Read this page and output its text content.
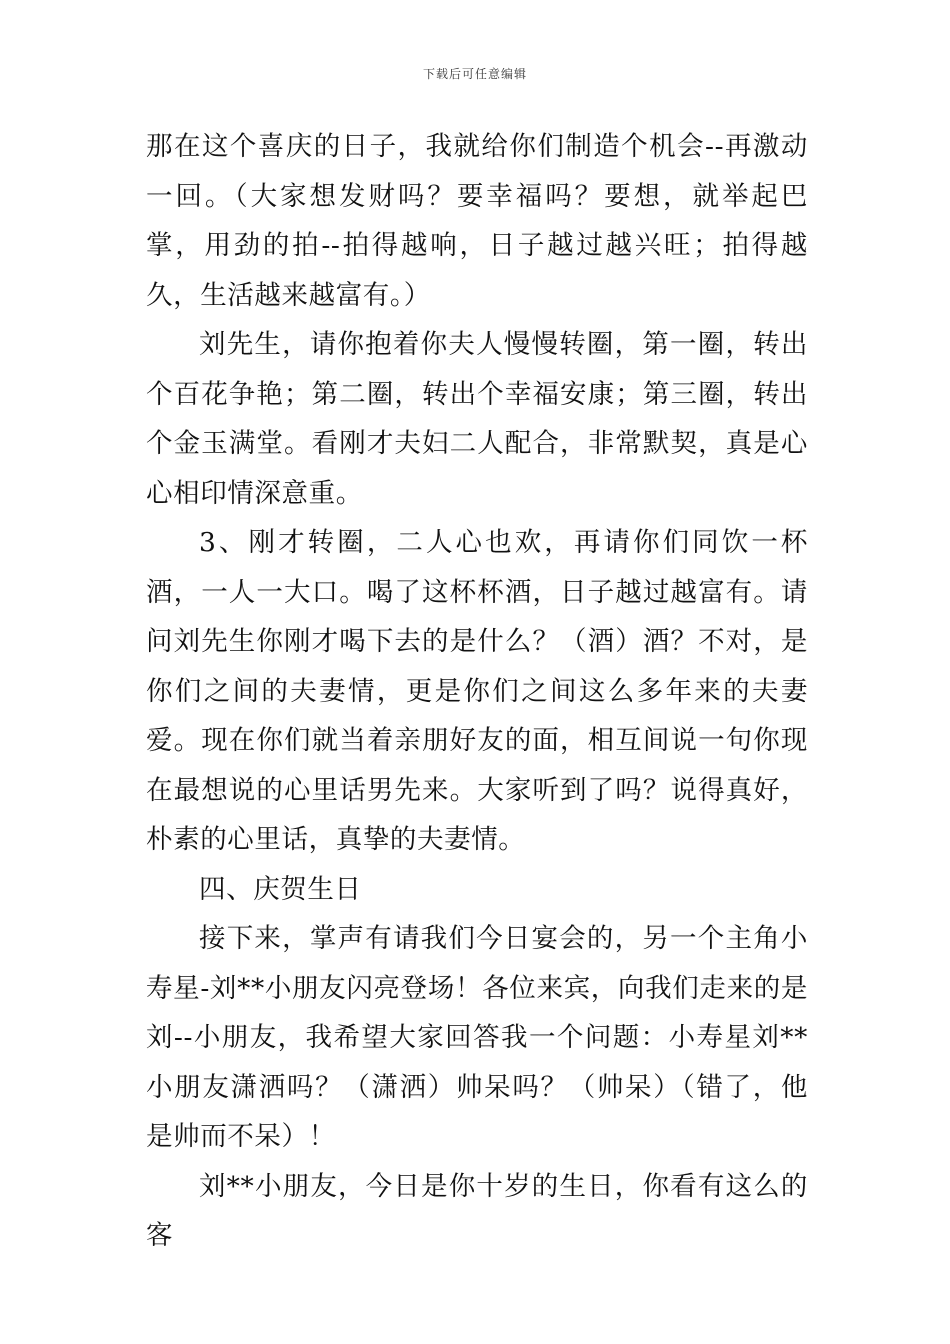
下载后可任意编辑

那在这个喜庆的日子，我就给你们制造个机会--再激动一回。（大家想发财吗？要幸福吗？要想，就举起巴掌，用劲的拍--拍得越响，日子越过越兴旺；拍得越久，生活越来越富有。）

刘先生，请你抱着你夫人慢慢转圈，第一圈，转出个百花争艳；第二圈，转出个幸福安康；第三圈，转出个金玉满堂。看刚才夫妇二人配合，非常默契，真是心心相印情深意重。

3、刚才转圈，二人心也欢，再请你们同饮一杯酒，一人一大口。喝了这杯杯酒，日子越过越富有。请问刘先生你刚才喝下去的是什么？（酒）酒？不对，是你们之间的夫妻情，更是你们之间这么多年来的夫妻爱。现在你们就当着亲朋好友的面，相互间说一句你现在最想说的心里话男先来。大家听到了吗？说得真好，朴素的心里话，真挚的夫妻情。

四、庆贺生日

接下来，掌声有请我们今日宴会的，另一个主角小寿星-刘**小朋友闪亮登场！各位来宾，向我们走来的是刘--小朋友，我希望大家回答我一个问题：小寿星刘**小朋友潇洒吗？（潇洒）帅呆吗？（帅呆）（错了，他是帅而不呆）！

刘**小朋友，今日是你十岁的生日，你看有这么的客
